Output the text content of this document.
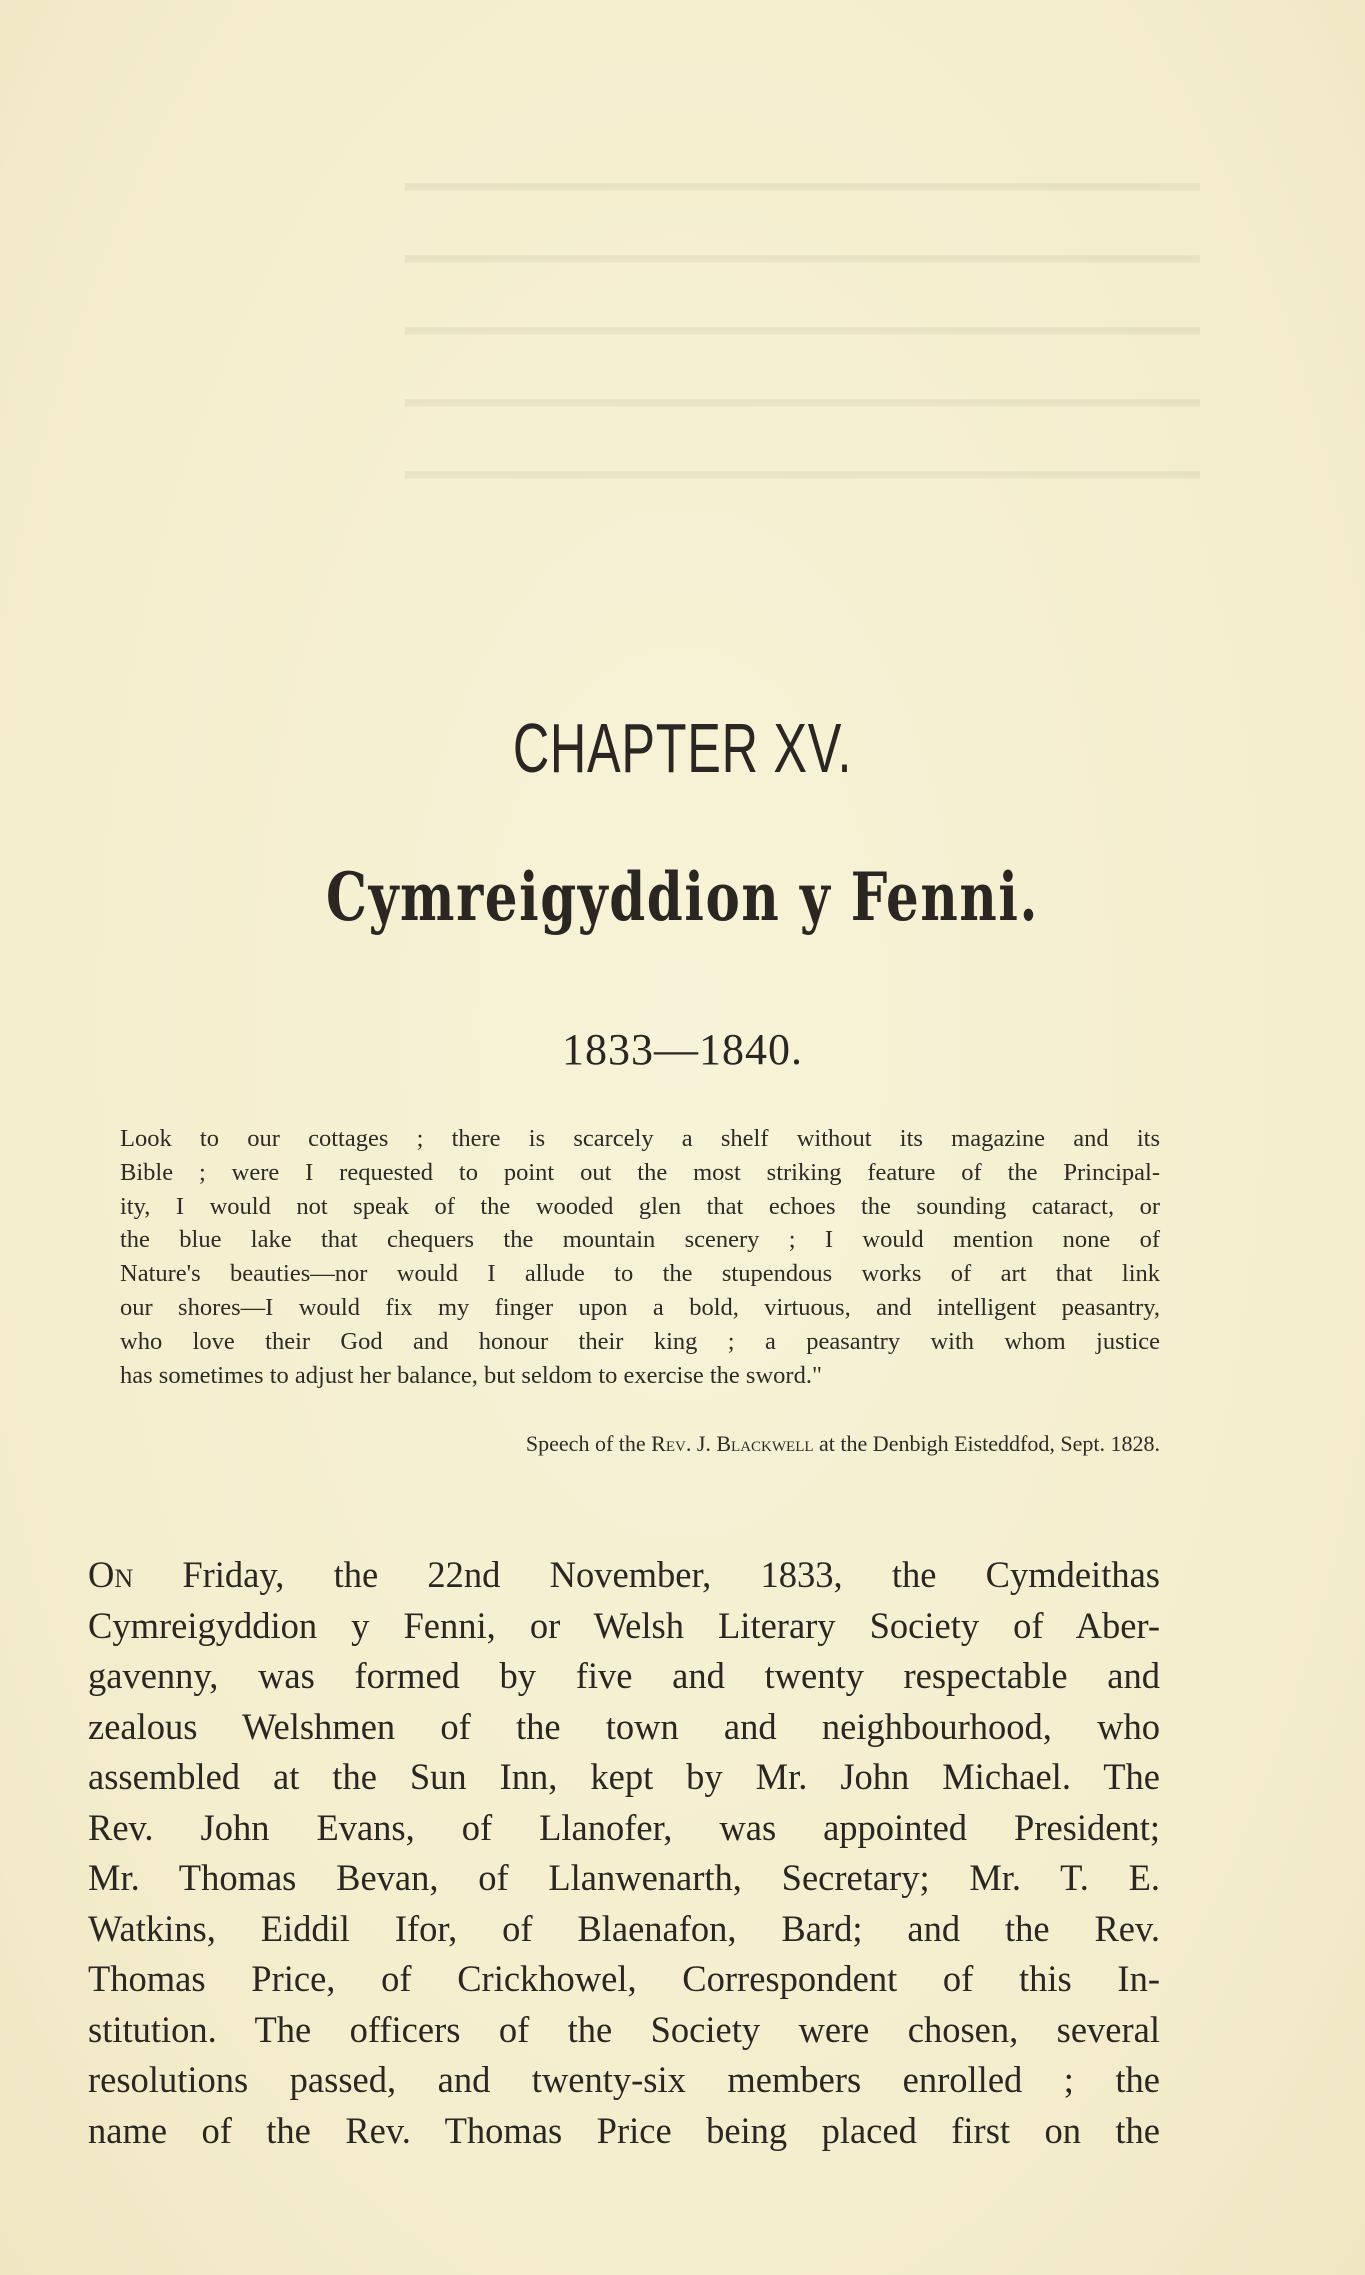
━━━━━━━━━━━━━━━━━━━━━━━━━━━━━━
━━━━━━━━━━━━━━━━━━━━━━━━━━━━━━
━━━━━━━━━━━━━━━━━━━━━━━━━━━━━━
━━━━━━━━━━━━━━━━━━━━━━━━━━━━━━
━━━━━━━━━━━━━━━━━━━━━━━━━━━━━━

CHAPTER XV.
Cymreigyddion y Fenni.
1833—1840.
Look to our cottages ; there is scarcely a shelf without its magazine and its
Bible ; were I requested to point out the most striking feature of the Principal-
ity, I would not speak of the wooded glen that echoes the sounding cataract, or
the blue lake that chequers the mountain scenery ; I would mention none of
Nature's beauties—nor would I allude to the stupendous works of art that link
our shores—I would fix my finger upon a bold, virtuous, and intelligent peasantry,
who love their God and honour their king ; a peasantry with whom justice
has sometimes to adjust her balance, but seldom to exercise the sword."
Speech of the Rev. J. Blackwell at the Denbigh Eisteddfod, Sept. 1828.
On Friday, the 22nd November, 1833, the Cymdeithas
Cymreigyddion y Fenni, or Welsh Literary Society of Aber-
gavenny, was formed by five and twenty respectable and
zealous Welshmen of the town and neighbourhood, who
assembled at the Sun Inn, kept by Mr. John Michael. The
Rev. John Evans, of Llanofer, was appointed President;
Mr. Thomas Bevan, of Llanwenarth, Secretary; Mr. T. E.
Watkins, Eiddil Ifor, of Blaenafon, Bard; and the Rev.
Thomas Price, of Crickhowel, Correspondent of this In-
stitution. The officers of the Society were chosen, several
resolutions passed, and twenty-six members enrolled ; the
name of the Rev. Thomas Price being placed first on the
